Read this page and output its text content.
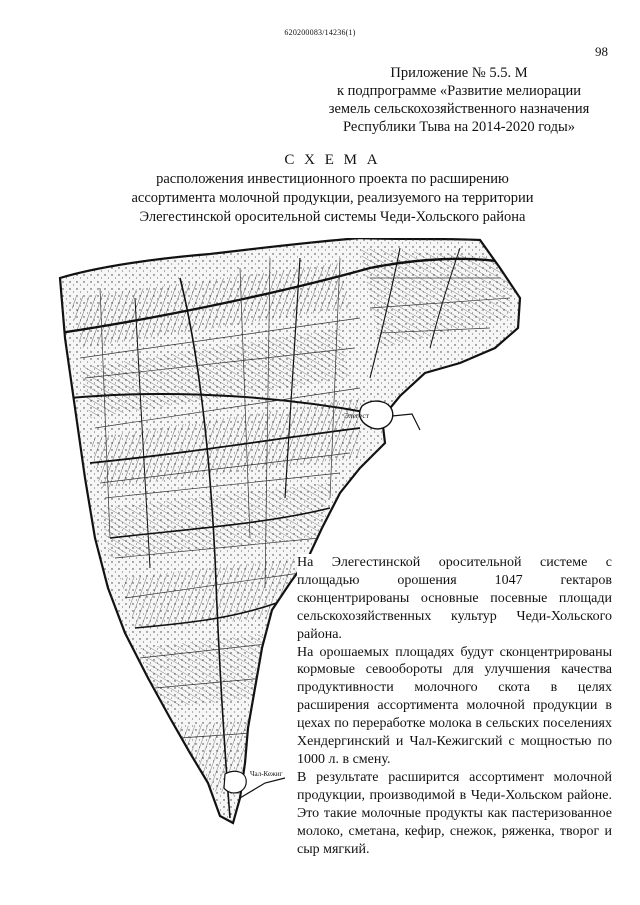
620200083/14236(1)
98
Приложение № 5.5. М
к подпрограмме «Развитие мелиорации
земель сельскохозяйственного назначения
Республики Тыва на 2014-2020 годы»
С Х Е М А
расположения инвестиционного проекта по расширению
ассортимента молочной продукции, реализуемого на территории
Элегестинской оросительной системы Чеди-Хольского района
Элегест
Чал-Кежиг

На Элегестинской оросительной системе с площадью орошения 1047 гектаров сконцентрированы основные посевные площади сельскохозяйственных культур Чеди-Хольского района.

На орошаемых площадях будут сконцентрированы кормовые севообороты для улучшения качества продуктивности молочного скота в целях расширения ассортимента молочной продукции в цехах по переработке молока в сельских поселениях Хендергинский и Чал-Кежигский с мощностью по 1000 л. в смену.

В результате расширится ассортимент молочной продукции, производимой в Чеди-Хольском районе. Это такие молочные продукты как пастеризованное молоко, сметана, кефир, снежок, ряженка, творог и сыр мягкий.
